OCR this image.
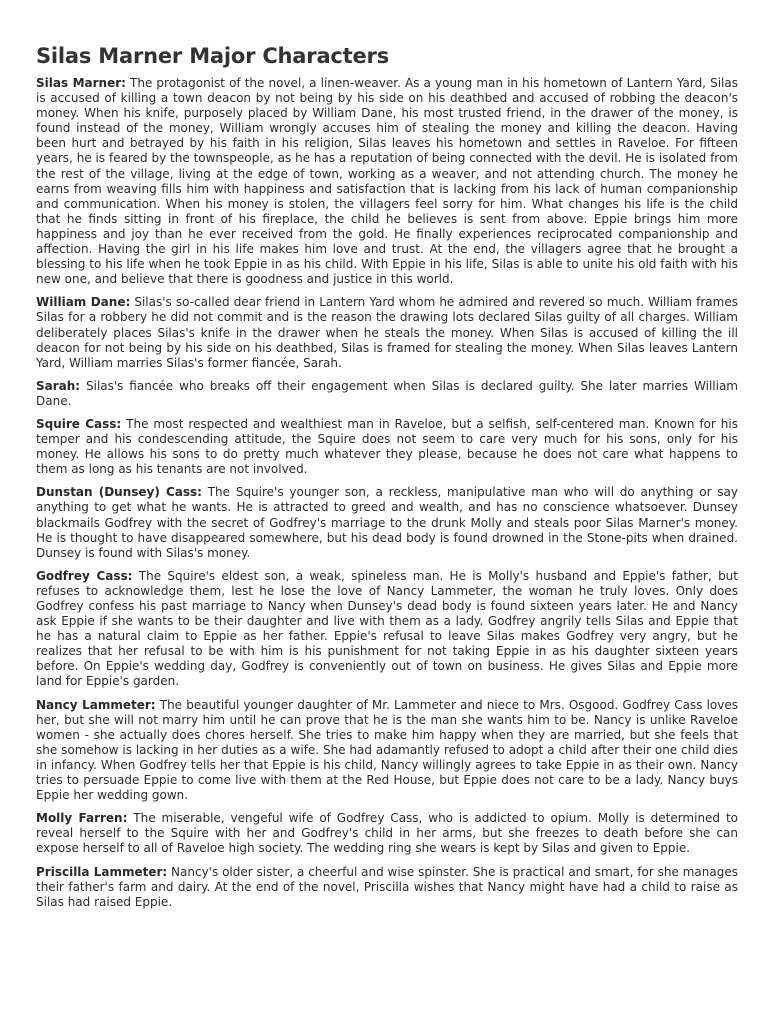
Silas Marner Major Characters

Silas Marner: The protagonist of the novel, a linen-weaver. As a young man in his hometown of Lantern Yard, Silas is accused of killing a town deacon by not being by his side on his deathbed and accused of robbing the deacon's money. When his knife, purposely placed by William Dane, his most trusted friend, in the drawer of the money, is found instead of the money, William wrongly accuses him of stealing the money and killing the deacon. Having been hurt and betrayed by his faith in his religion, Silas leaves his hometown and settles in Raveloe. For fifteen years, he is feared by the townspeople, as he has a reputation of being connected with the devil. He is isolated from the rest of the village, living at the edge of town, working as a weaver, and not attending church. The money he earns from weaving fills him with happiness and satisfaction that is lacking from his lack of human companionship and communication. When his money is stolen, the villagers feel sorry for him. What changes his life is the child that he finds sitting in front of his fireplace, the child he believes is sent from above. Eppie brings him more happiness and joy than he ever received from the gold. He finally experiences reciprocated companionship and affection. Having the girl in his life makes him love and trust. At the end, the villagers agree that he brought a blessing to his life when he took Eppie in as his child. With Eppie in his life, Silas is able to unite his old faith with his new one, and believe that there is goodness and justice in this world.

William Dane: Silas's so-called dear friend in Lantern Yard whom he admired and revered so much. William frames Silas for a robbery he did not commit and is the reason the drawing lots declared Silas guilty of all charges. William deliberately places Silas's knife in the drawer when he steals the money. When Silas is accused of killing the ill deacon for not being by his side on his deathbed, Silas is framed for stealing the money. When Silas leaves Lantern Yard, William marries Silas's former fiancée, Sarah.

Sarah: Silas's fiancée who breaks off their engagement when Silas is declared guilty. She later marries William Dane.

Squire Cass: The most respected and wealthiest man in Raveloe, but a selfish, self-centered man. Known for his temper and his condescending attitude, the Squire does not seem to care very much for his sons, only for his money. He allows his sons to do pretty much whatever they please, because he does not care what happens to them as long as his tenants are not involved.

Dunstan (Dunsey) Cass: The Squire's younger son, a reckless, manipulative man who will do anything or say anything to get what he wants. He is attracted to greed and wealth, and has no conscience whatsoever. Dunsey blackmails Godfrey with the secret of Godfrey's marriage to the drunk Molly and steals poor Silas Marner's money. He is thought to have disappeared somewhere, but his dead body is found drowned in the Stone-pits when drained. Dunsey is found with Silas's money.

Godfrey Cass: The Squire's eldest son, a weak, spineless man. He is Molly's husband and Eppie's father, but refuses to acknowledge them, lest he lose the love of Nancy Lammeter, the woman he truly loves. Only does Godfrey confess his past marriage to Nancy when Dunsey's dead body is found sixteen years later. He and Nancy ask Eppie if she wants to be their daughter and live with them as a lady. Godfrey angrily tells Silas and Eppie that he has a natural claim to Eppie as her father. Eppie's refusal to leave Silas makes Godfrey very angry, but he realizes that her refusal to be with him is his punishment for not taking Eppie in as his daughter sixteen years before. On Eppie's wedding day, Godfrey is conveniently out of town on business. He gives Silas and Eppie more land for Eppie's garden.

Nancy Lammeter: The beautiful younger daughter of Mr. Lammeter and niece to Mrs. Osgood. Godfrey Cass loves her, but she will not marry him until he can prove that he is the man she wants him to be. Nancy is unlike Raveloe women - she actually does chores herself. She tries to make him happy when they are married, but she feels that she somehow is lacking in her duties as a wife. She had adamantly refused to adopt a child after their one child dies in infancy. When Godfrey tells her that Eppie is his child, Nancy willingly agrees to take Eppie in as their own. Nancy tries to persuade Eppie to come live with them at the Red House, but Eppie does not care to be a lady. Nancy buys Eppie her wedding gown.

Molly Farren: The miserable, vengeful wife of Godfrey Cass, who is addicted to opium. Molly is determined to reveal herself to the Squire with her and Godfrey's child in her arms, but she freezes to death before she can expose herself to all of Raveloe high society. The wedding ring she wears is kept by Silas and given to Eppie.

Priscilla Lammeter: Nancy's older sister, a cheerful and wise spinster. She is practical and smart, for she manages their father's farm and dairy. At the end of the novel, Priscilla wishes that Nancy might have had a child to raise as Silas had raised Eppie.
